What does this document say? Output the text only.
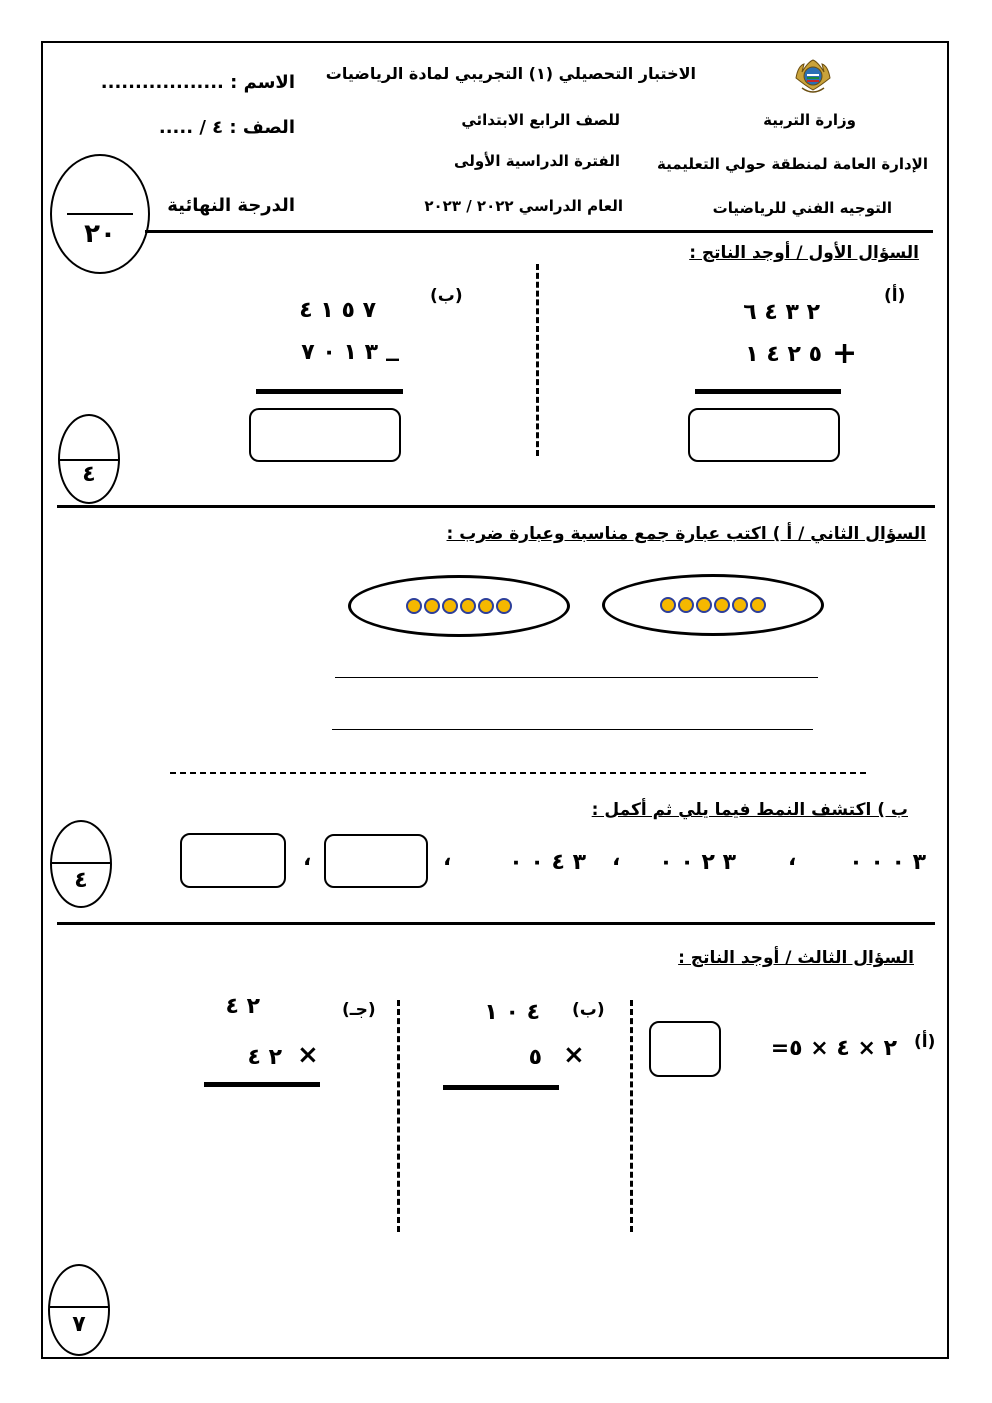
الاختبار التحصيلي (١) التجريبي لمادة الرياضيات
الاسم : ..................
وزارة التربية
للصف الرابع الابتدائي
الصف : ٤ / .....
الإدارة العامة لمنطقة حولي التعليمية
الفترة الدراسية الأولى
التوجيه الفني للرياضيات
العام الدراسي ٢٠٢٢ / ٢٠٢٣
الدرجة النهائية
٢٠
السؤال الأول / أوجد الناتج :
(أ)
٢ ٣ ٤ ٦
٥ ٢ ٤ ١ +
(ب)
٧ ٥ ١ ٤
٣ ١ ٠ ٧ _
٤
السؤال الثاني / أ ) اكتب عبارة جمع مناسبة وعبارة ضرب :
ب ) اكتشف النمط فيما يلي ثم أكمل :
٣ ٠ ٠ ٠
،
٣ ٢ ٠ ٠
،
٣ ٤ ٠ ٠
،
،
٤
السؤال الثالث / أوجد الناتج :
(أ)
٢ × ٤ × ٥=
(ب)
٤ ٠ ١
٥ ×
(جـ)
٢ ٤
٢ ٤ ×
٧
